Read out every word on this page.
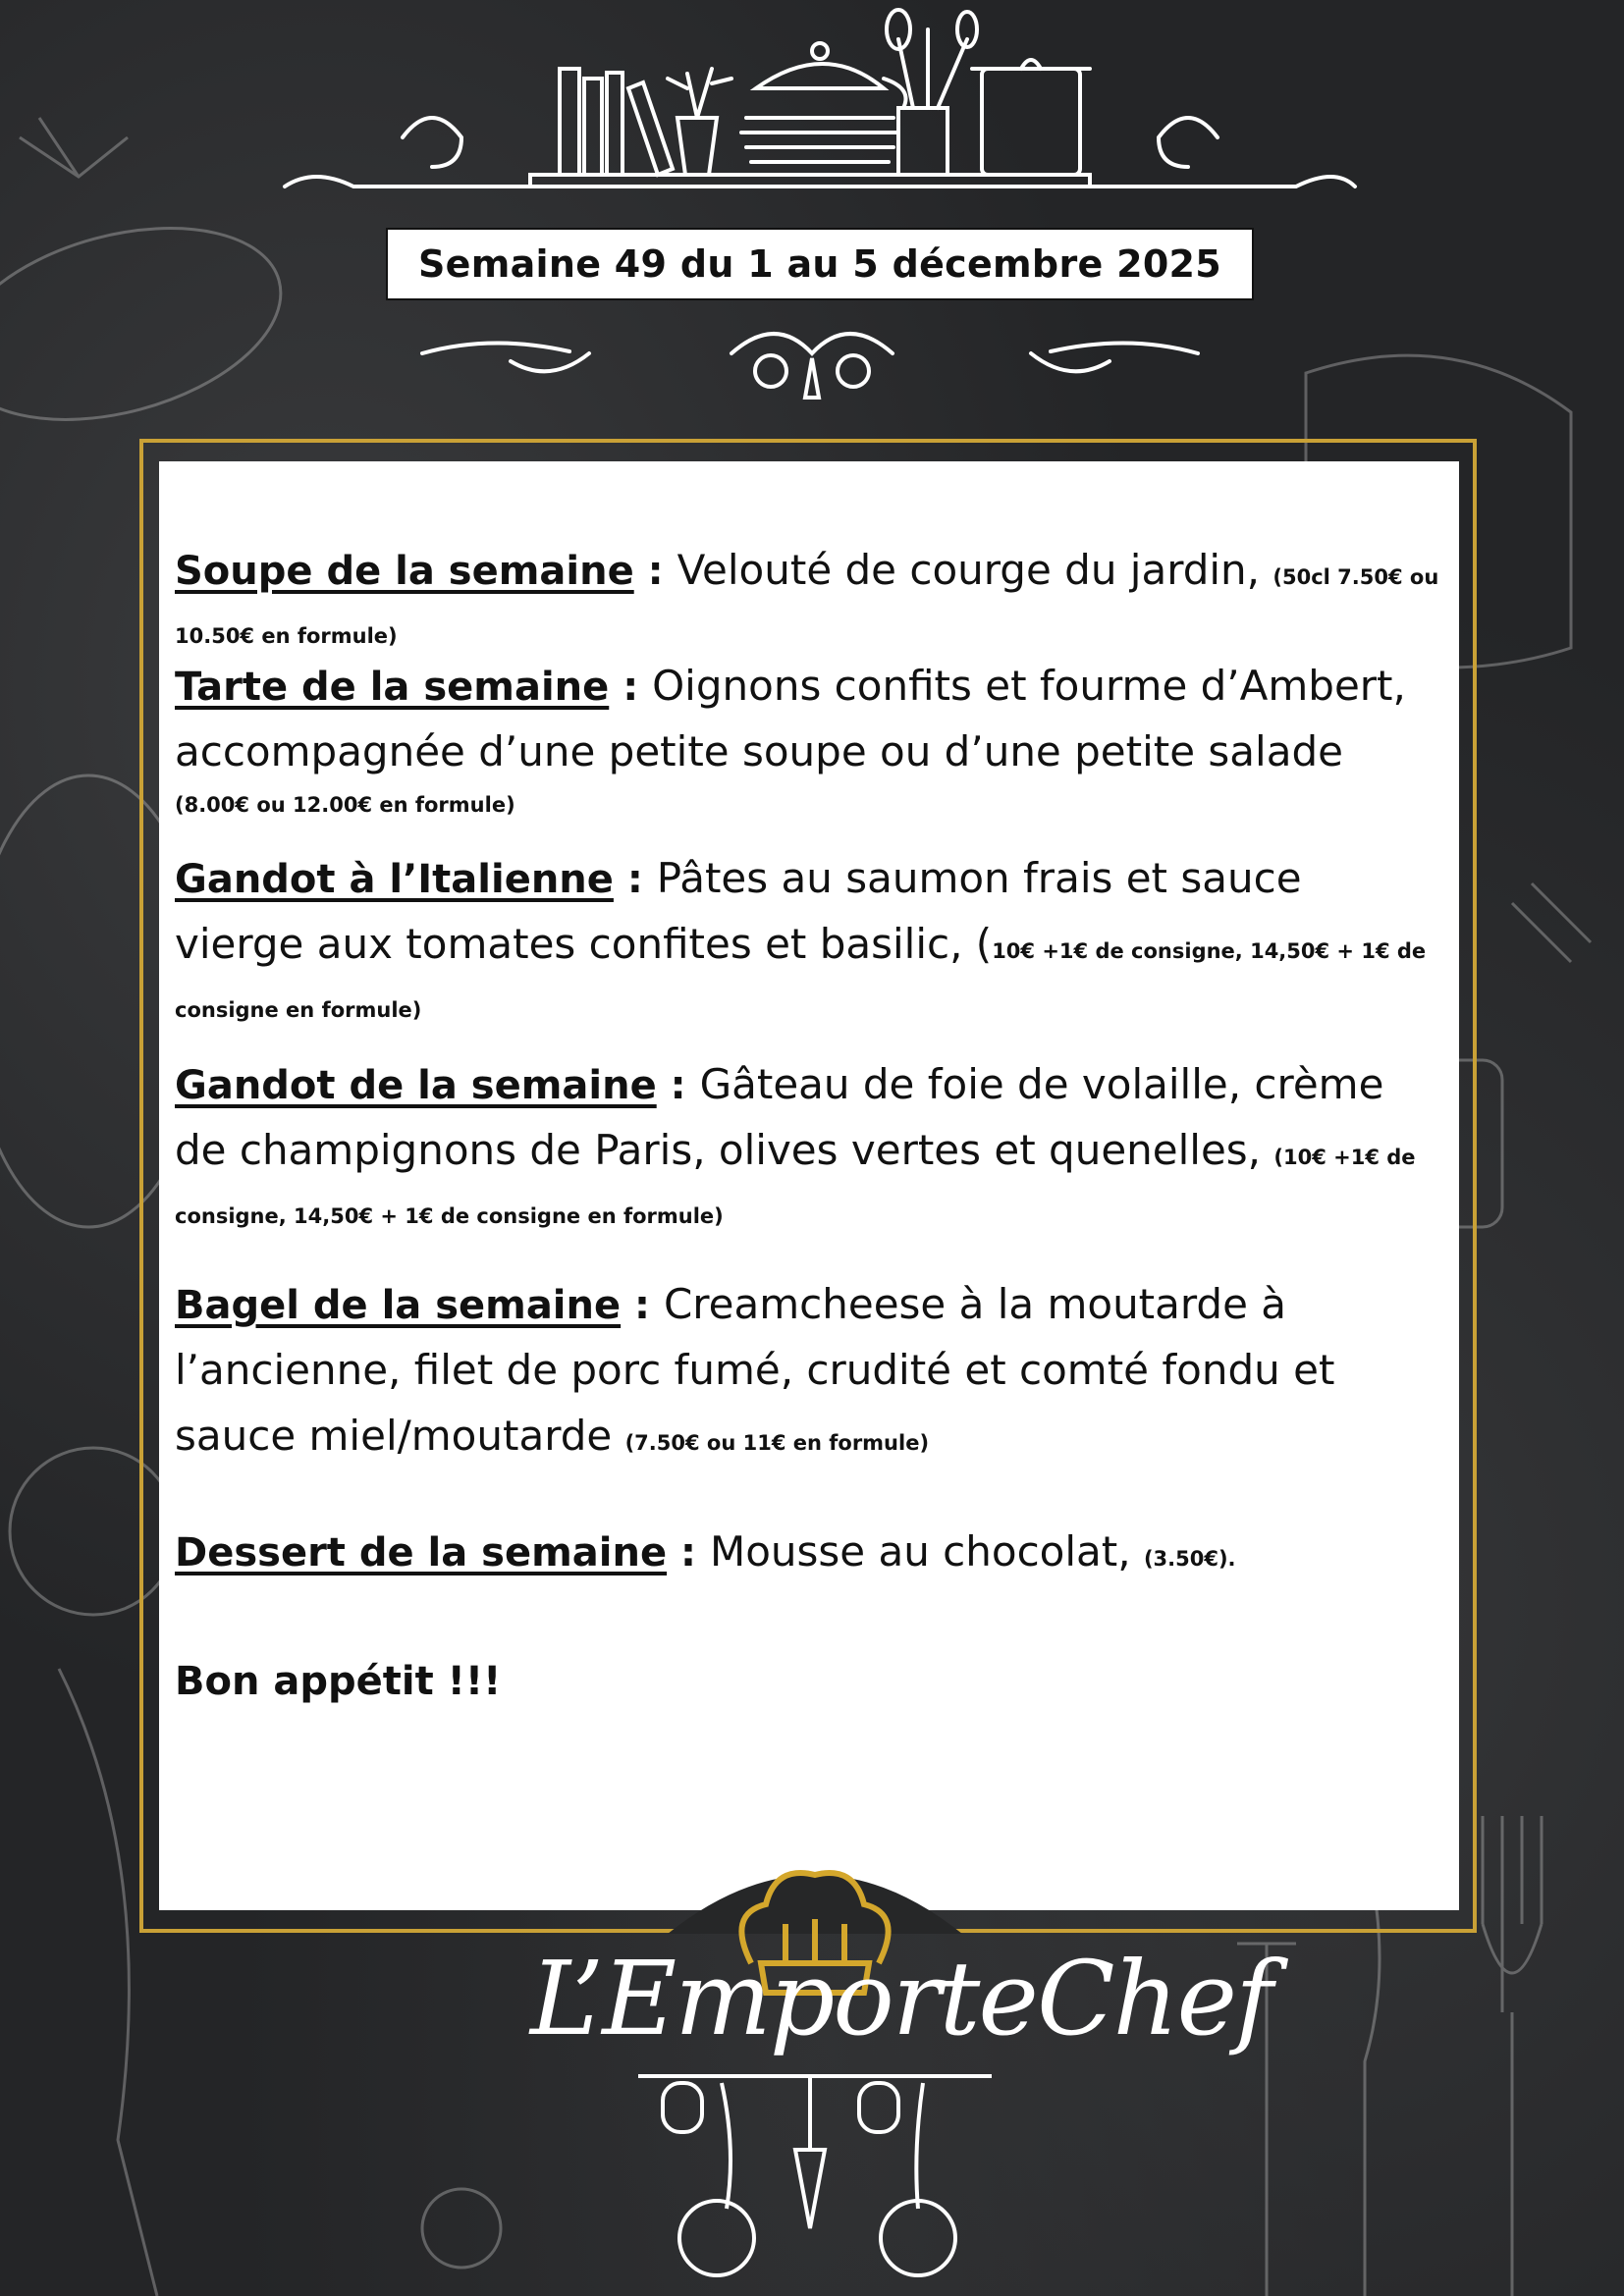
Semaine 49 du 1 au 5 décembre 2025

Soupe de la semaine : Velouté de courge du jardin, (50cl 7.50€ ou 10.50€ en formule)

Tarte de la semaine : Oignons confits et fourme d’Ambert, accompagnée d’une petite soupe ou d’une petite salade

(8.00€ ou 12.00€ en formule)

Gandot à l’Italienne : Pâtes au saumon frais et sauce vierge aux tomates confites et basilic, (10€ +1€ de consigne, 14,50€ + 1€ de consigne en formule)

Gandot de la semaine : Gâteau de foie de volaille, crème de champignons de Paris, olives vertes et quenelles, (10€ +1€ de consigne, 14,50€ + 1€ de consigne en formule)

Bagel de la semaine : Creamcheese à la moutarde à l’ancienne, filet de porc fumé, crudité et comté fondu et sauce miel/moutarde (7.50€ ou 11€ en formule)

Dessert de la semaine : Mousse au chocolat, (3.50€).

Bon appétit !!!
L’EmporteChef
